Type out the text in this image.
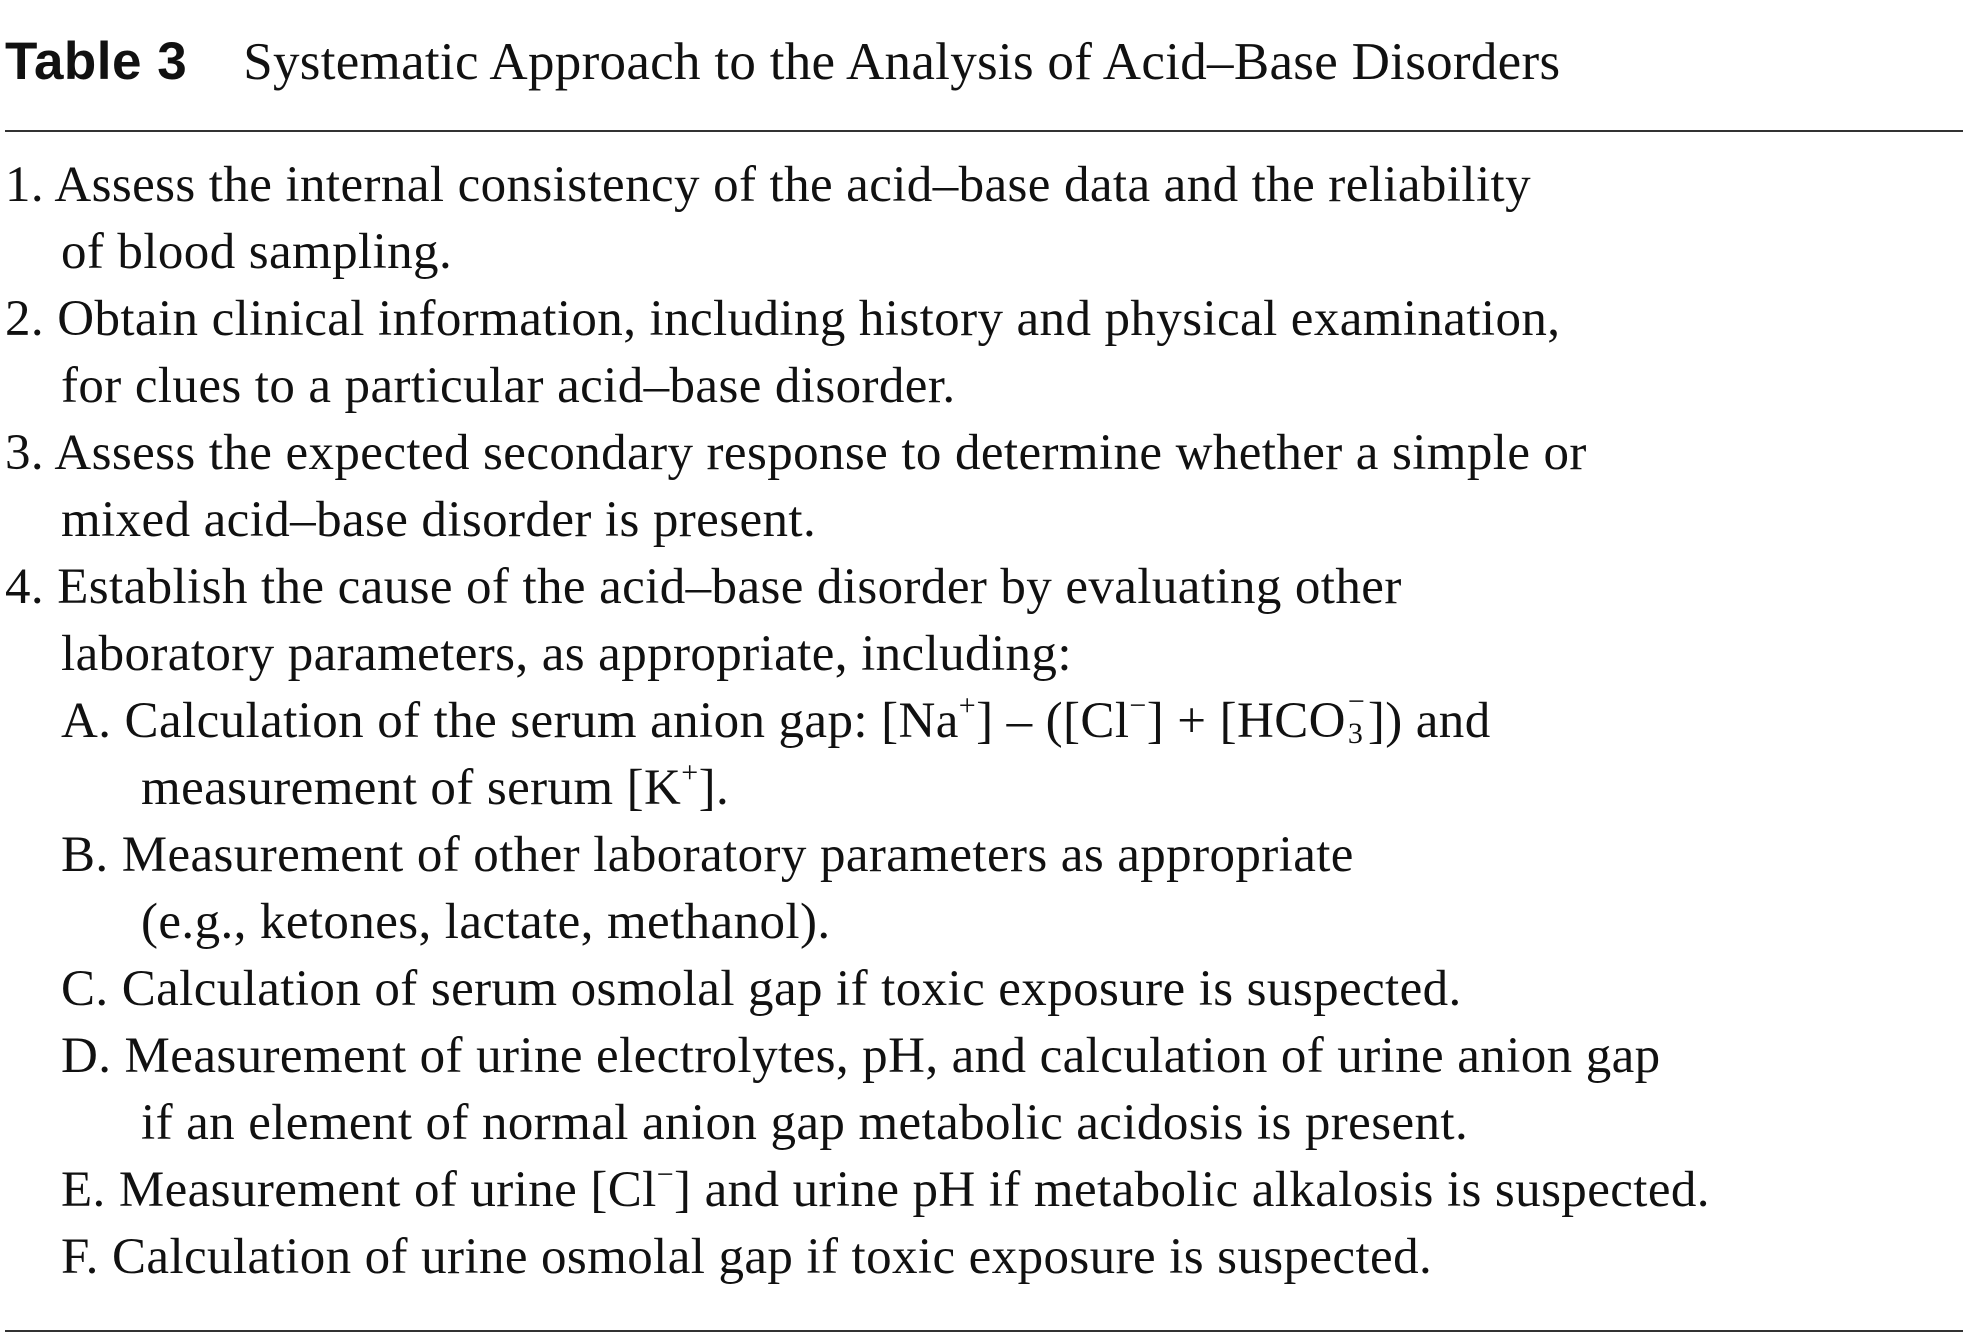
Table 3 Systematic Approach to the Analysis of Acid–Base Disorders
1. Assess the internal consistency of the acid–base data and the reliability
of blood sampling.
2. Obtain clinical information, including history and physical examination,
for clues to a particular acid–base disorder.
3. Assess the expected secondary response to determine whether a simple or
mixed acid–base disorder is present.
4. Establish the cause of the acid–base disorder by evaluating other
laboratory parameters, as appropriate, including:
A. Calculation of the serum anion gap: [Na+] – ([Cl−] + [HCO −
3 ]) and
measurement of serum [K+].
B. Measurement of other laboratory parameters as appropriate
(e.g., ketones, lactate, methanol).
C. Calculation of serum osmolal gap if toxic exposure is suspected.
D. Measurement of urine electrolytes, pH, and calculation of urine anion gap
if an element of normal anion gap metabolic acidosis is present.
E. Measurement of urine [Cl−] and urine pH if metabolic alkalosis is suspected.
F. Calculation of urine osmolal gap if toxic exposure is suspected.
